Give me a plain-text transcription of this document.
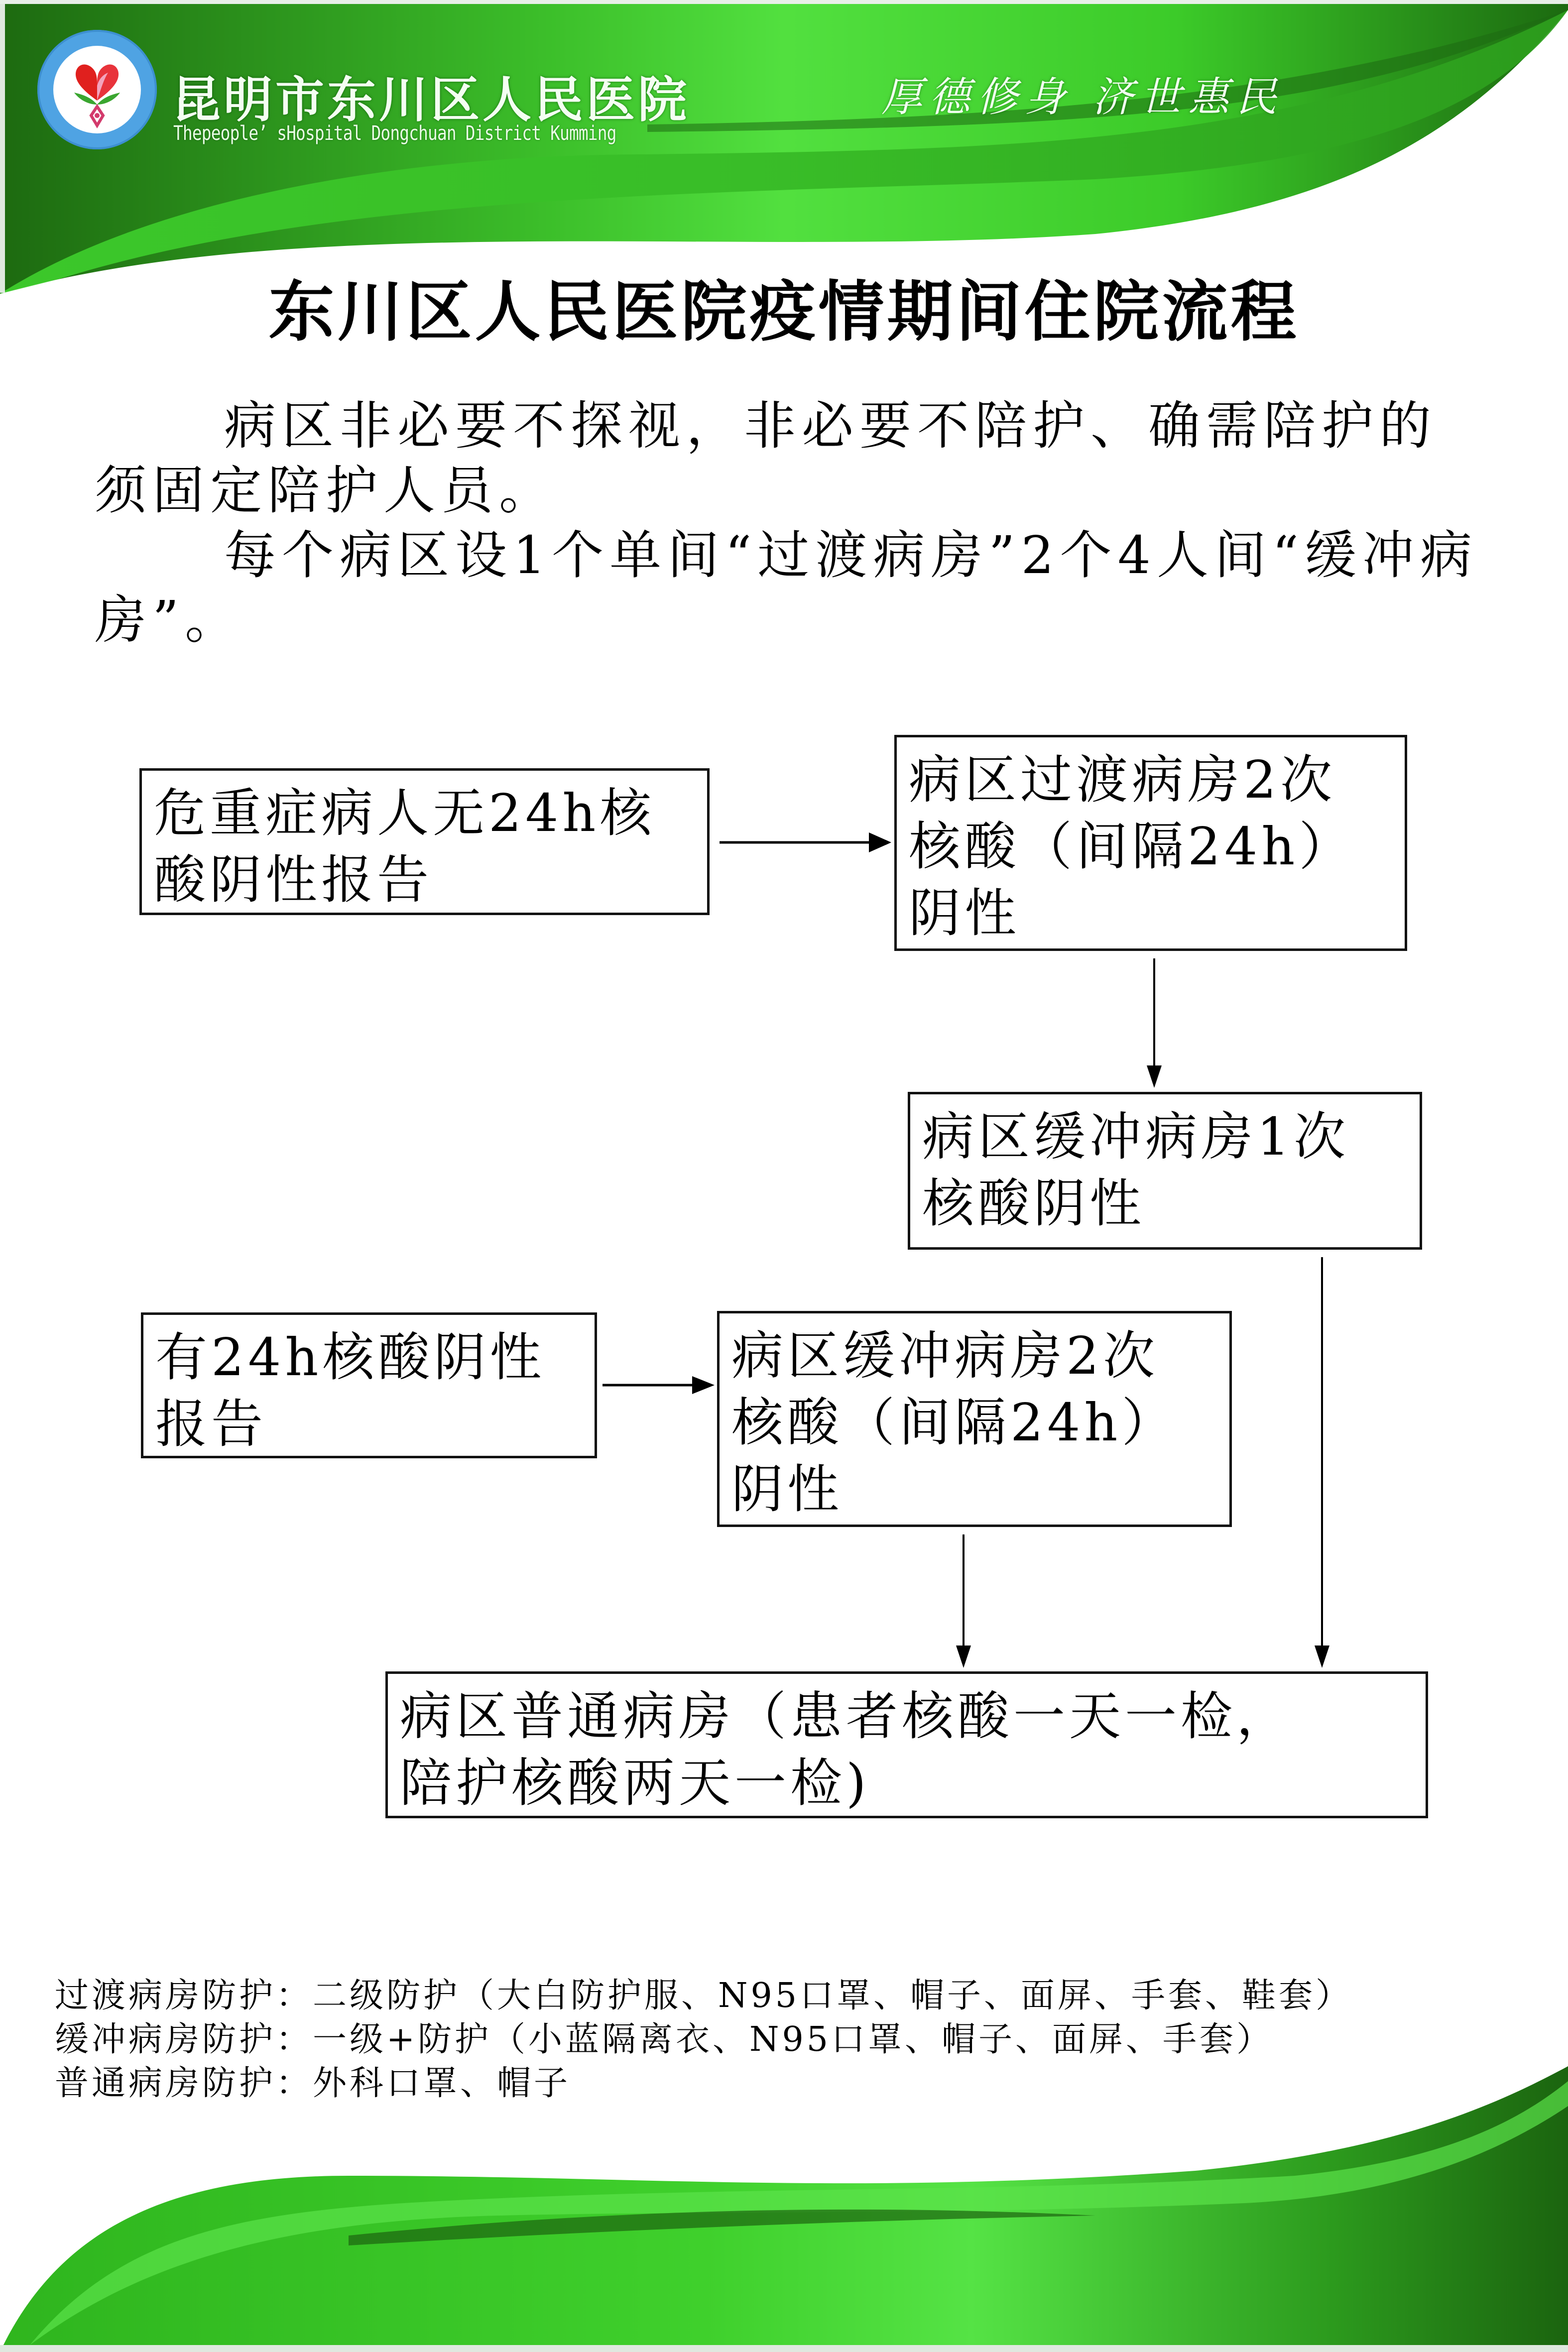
昆明市东川区人民医院
Thepeople’ sHospital Dongchuan District Kumming
厚德修身 济世惠民
东川区人民医院疫情期间住院流程

病区非必要不探视，非必要不陪护、确需陪护的须固定陪护人员。

每个病区设1个单间“过渡病房”2个4人间“缓冲病房”。

危重症病人无24h核
酸阴性报告
病区过渡病房2次
核酸（间隔24h）
阴性
病区缓冲病房1次
核酸阴性
有24h核酸阴性
报告
病区缓冲病房2次
核酸（间隔24h）
阴性
病区普通病房（患者核酸一天一检，
陪护核酸两天一检)
过渡病房防护：二级防护（大白防护服、N95口罩、帽子、面屏、手套、鞋套）
缓冲病房防护：一级+防护（小蓝隔离衣、N95口罩、帽子、面屏、手套）
普通病房防护：外科口罩、帽子
